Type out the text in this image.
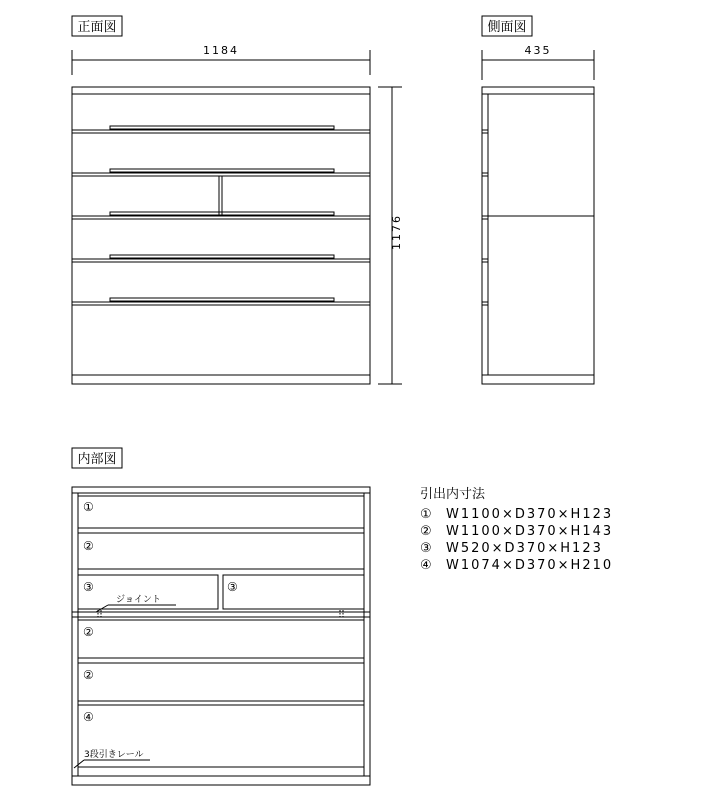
正面図
1184
1176
側面図
435
内部図
ジョイント
3段引きレール
①
②
③	③
②
②
④
引出内寸法
① W1100×D370×H123
② W1100×D370×H143
③ W520×D370×H123
④ W1074×D370×H210
